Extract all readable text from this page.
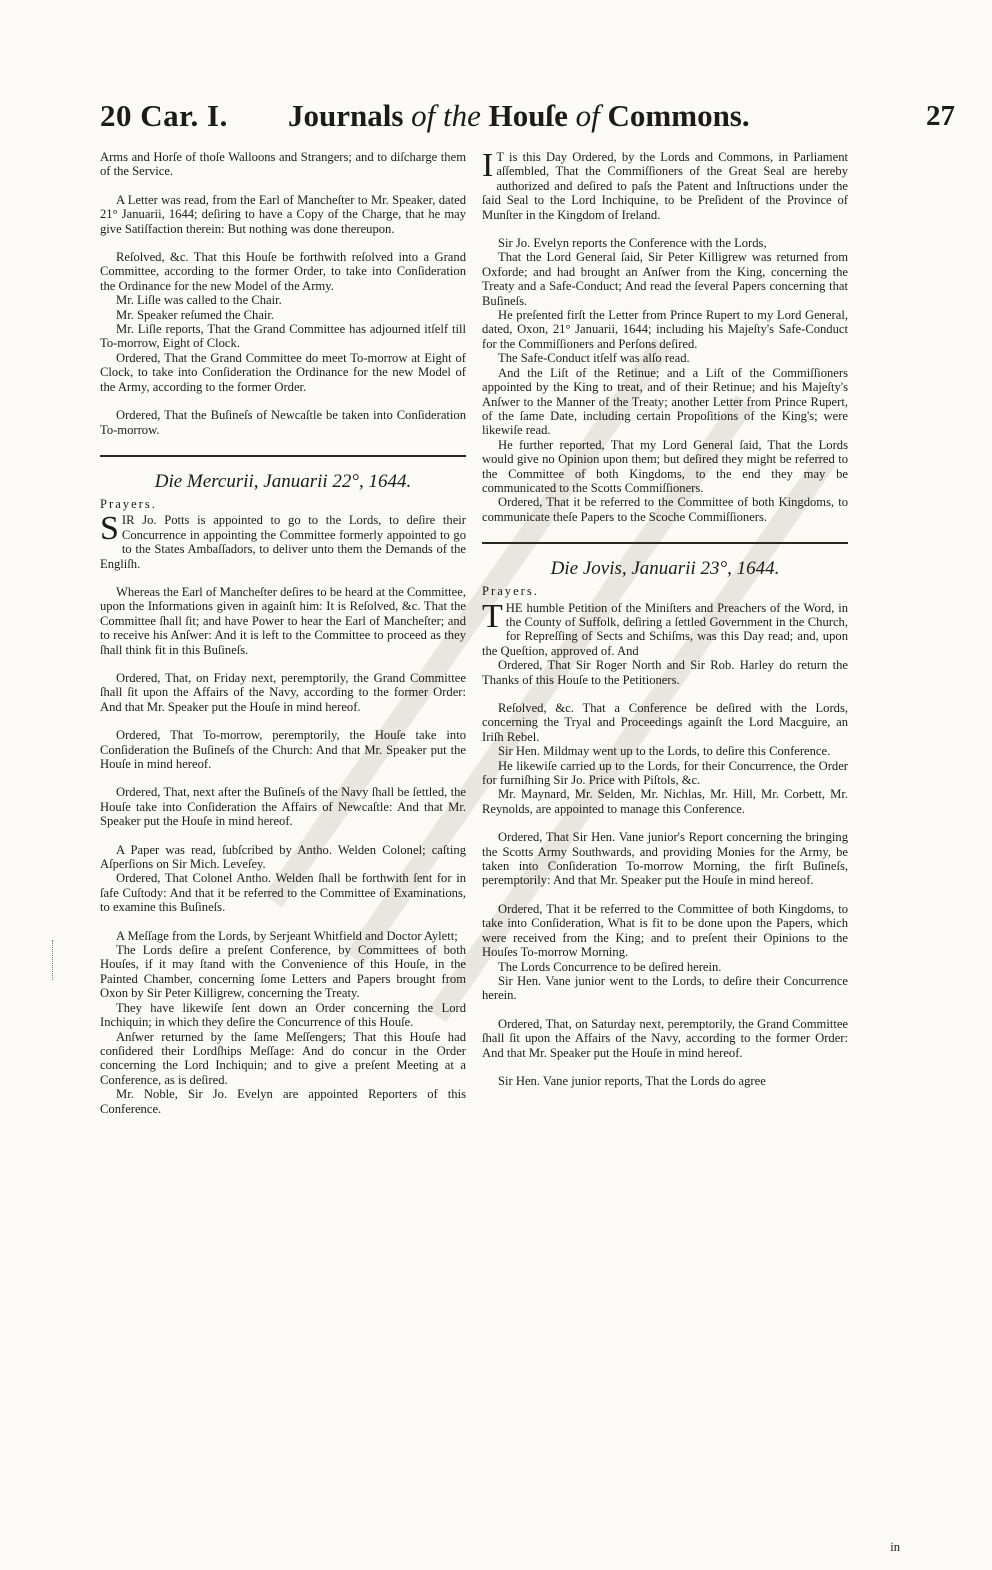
20 Car. I. Journals of the Houſe of Commons.	27

Arms and Horſe of thoſe Walloons and Strangers; and to diſcharge them of the Service.

A Letter was read, from the Earl of Mancheſter to Mr. Speaker, dated 21° Januarii, 1644; deſiring to have a Copy of the Charge, that he may give Satiſfaction therein: But nothing was done thereupon.

Reſolved, &c. That this Houſe be forthwith reſolved into a Grand Committee, according to the former Order, to take into Conſideration the Ordinance for the new Model of the Army.

Mr. Liſle was called to the Chair.

Mr. Speaker reſumed the Chair.

Mr. Liſle reports, That the Grand Committee has adjourned itſelf till To-morrow, Eight of Clock.

Ordered, That the Grand Committee do meet To-morrow at Eight of Clock, to take into Conſideration the Ordinance for the new Model of the Army, according to the former Order.

Ordered, That the Buſineſs of Newcaſtle be taken into Conſideration To-morrow.

Die Mercurii, Januarii 22°, 1644.
Prayers.

SIR Jo. Potts is appointed to go to the Lords, to deſire their Concurrence in appointing the Committee formerly appointed to go to the States Ambaſſadors, to deliver unto them the Demands of the Engliſh.

Whereas the Earl of Mancheſter deſires to be heard at the Committee, upon the Informations given in againſt him: It is Reſolved, &c. That the Committee ſhall ſit; and have Power to hear the Earl of Mancheſter; and to receive his Anſwer: And it is left to the Committee to proceed as they ſhall think fit in this Buſineſs.

Ordered, That, on Friday next, peremptorily, the Grand Committee ſhall ſit upon the Affairs of the Navy, according to the former Order: And that Mr. Speaker put the Houſe in mind hereof.

Ordered, That To-morrow, peremptorily, the Houſe take into Conſideration the Buſineſs of the Church: And that Mr. Speaker put the Houſe in mind hereof.

Ordered, That, next after the Buſineſs of the Navy ſhall be ſettled, the Houſe take into Conſideration the Affairs of Newcaſtle: And that Mr. Speaker put the Houſe in mind hereof.

A Paper was read, ſubſcribed by Antho. Welden Colonel; caſting Aſperſions on Sir Mich. Leveſey.

Ordered, That Colonel Antho. Welden ſhall be forthwith ſent for in ſafe Cuſtody: And that it be referred to the Committee of Examinations, to examine this Buſineſs.

A Meſſage from the Lords, by Serjeant Whitfield and Doctor Aylett;

The Lords deſire a preſent Conference, by Committees of both Houſes, if it may ſtand with the Convenience of this Houſe, in the Painted Chamber, concerning ſome Letters and Papers brought from Oxon by Sir Peter Killigrew, concerning the Treaty.

They have likewiſe ſent down an Order concerning the Lord Inchiquin; in which they deſire the Concurrence of this Houſe.

Anſwer returned by the ſame Meſſengers; That this Houſe had conſidered their Lordſhips Meſſage: And do concur in the Order concerning the Lord Inchiquin; and to give a preſent Meeting at a Conference, as is deſired.

Mr. Noble, Sir Jo. Evelyn are appointed Reporters of this Conference.

I T is this Day Ordered, by the Lords and Commons, in Parliament aſſembled, That the Commiſſioners of the Great Seal are hereby authorized and deſired to paſs the Patent and Inſtructions under the ſaid Seal to the Lord Inchiquine, to be Preſident of the Province of Munſter in the Kingdom of Ireland.

Sir Jo. Evelyn reports the Conference with the Lords,

That the Lord General ſaid, Sir Peter Killigrew was returned from Oxforde; and had brought an Anſwer from the King, concerning the Treaty and a Safe-Conduct; And read the ſeveral Papers concerning that Buſineſs.

He preſented firſt the Letter from Prince Rupert to my Lord General, dated, Oxon, 21° Januarii, 1644; including his Majeſty's Safe-Conduct for the Commiſſioners and Perſons deſired.

The Safe-Conduct itſelf was alſo read.

And the Liſt of the Retinue; and a Liſt of the Commiſſioners appointed by the King to treat, and of their Retinue; and his Majeſty's Anſwer to the Manner of the Treaty; another Letter from Prince Rupert, of the ſame Date, including certain Propoſitions of the King's; were likewiſe read.

He further reported, That my Lord General ſaid, That the Lords would give no Opinion upon them; but deſired they might be referred to the Committee of both Kingdoms, to the end they may be communicated to the Scotts Commiſſioners.

Ordered, That it be referred to the Committee of both Kingdoms, to communicate theſe Papers to the Scoche Commiſſioners.

Die Jovis, Januarii 23°, 1644.
Prayers.

THE humble Petition of the Miniſters and Preachers of the Word, in the County of Suffolk, deſiring a ſettled Government in the Church, for Repreſſing of Sects and Schiſms, was this Day read; and, upon the Queſtion, approved of. And

Ordered, That Sir Roger North and Sir Rob. Harley do return the Thanks of this Houſe to the Petitioners.

Reſolved, &c. That a Conference be deſired with the Lords, concerning the Tryal and Proceedings againſt the Lord Macguire, an Iriſh Rebel.

Sir Hen. Mildmay went up to the Lords, to deſire this Conference.

He likewiſe carried up to the Lords, for their Concurrence, the Order for furniſhing Sir Jo. Price with Piſtols, &c.

Mr. Maynard, Mr. Selden, Mr. Nichlas, Mr. Hill, Mr. Corbett, Mr. Reynolds, are appointed to manage this Conference.

Ordered, That Sir Hen. Vane junior's Report concerning the bringing the Scotts Army Southwards, and providing Monies for the Army, be taken into Conſideration To-morrow Morning, the firſt Buſineſs, peremptorily: And that Mr. Speaker put the Houſe in mind hereof.

Ordered, That it be referred to the Committee of both Kingdoms, to take into Conſideration, What is fit to be done upon the Papers, which were received from the King; and to preſent their Opinions to the Houſes To-morrow Morning.

The Lords Concurrence to be deſired herein.

Sir Hen. Vane junior went to the Lords, to deſire their Concurrence herein.

Ordered, That, on Saturday next, peremptorily, the Grand Committee ſhall ſit upon the Affairs of the Navy, according to the former Order: And that Mr. Speaker put the Houſe in mind hereof.

Sir Hen. Vane junior reports, That the Lords do agree

in
